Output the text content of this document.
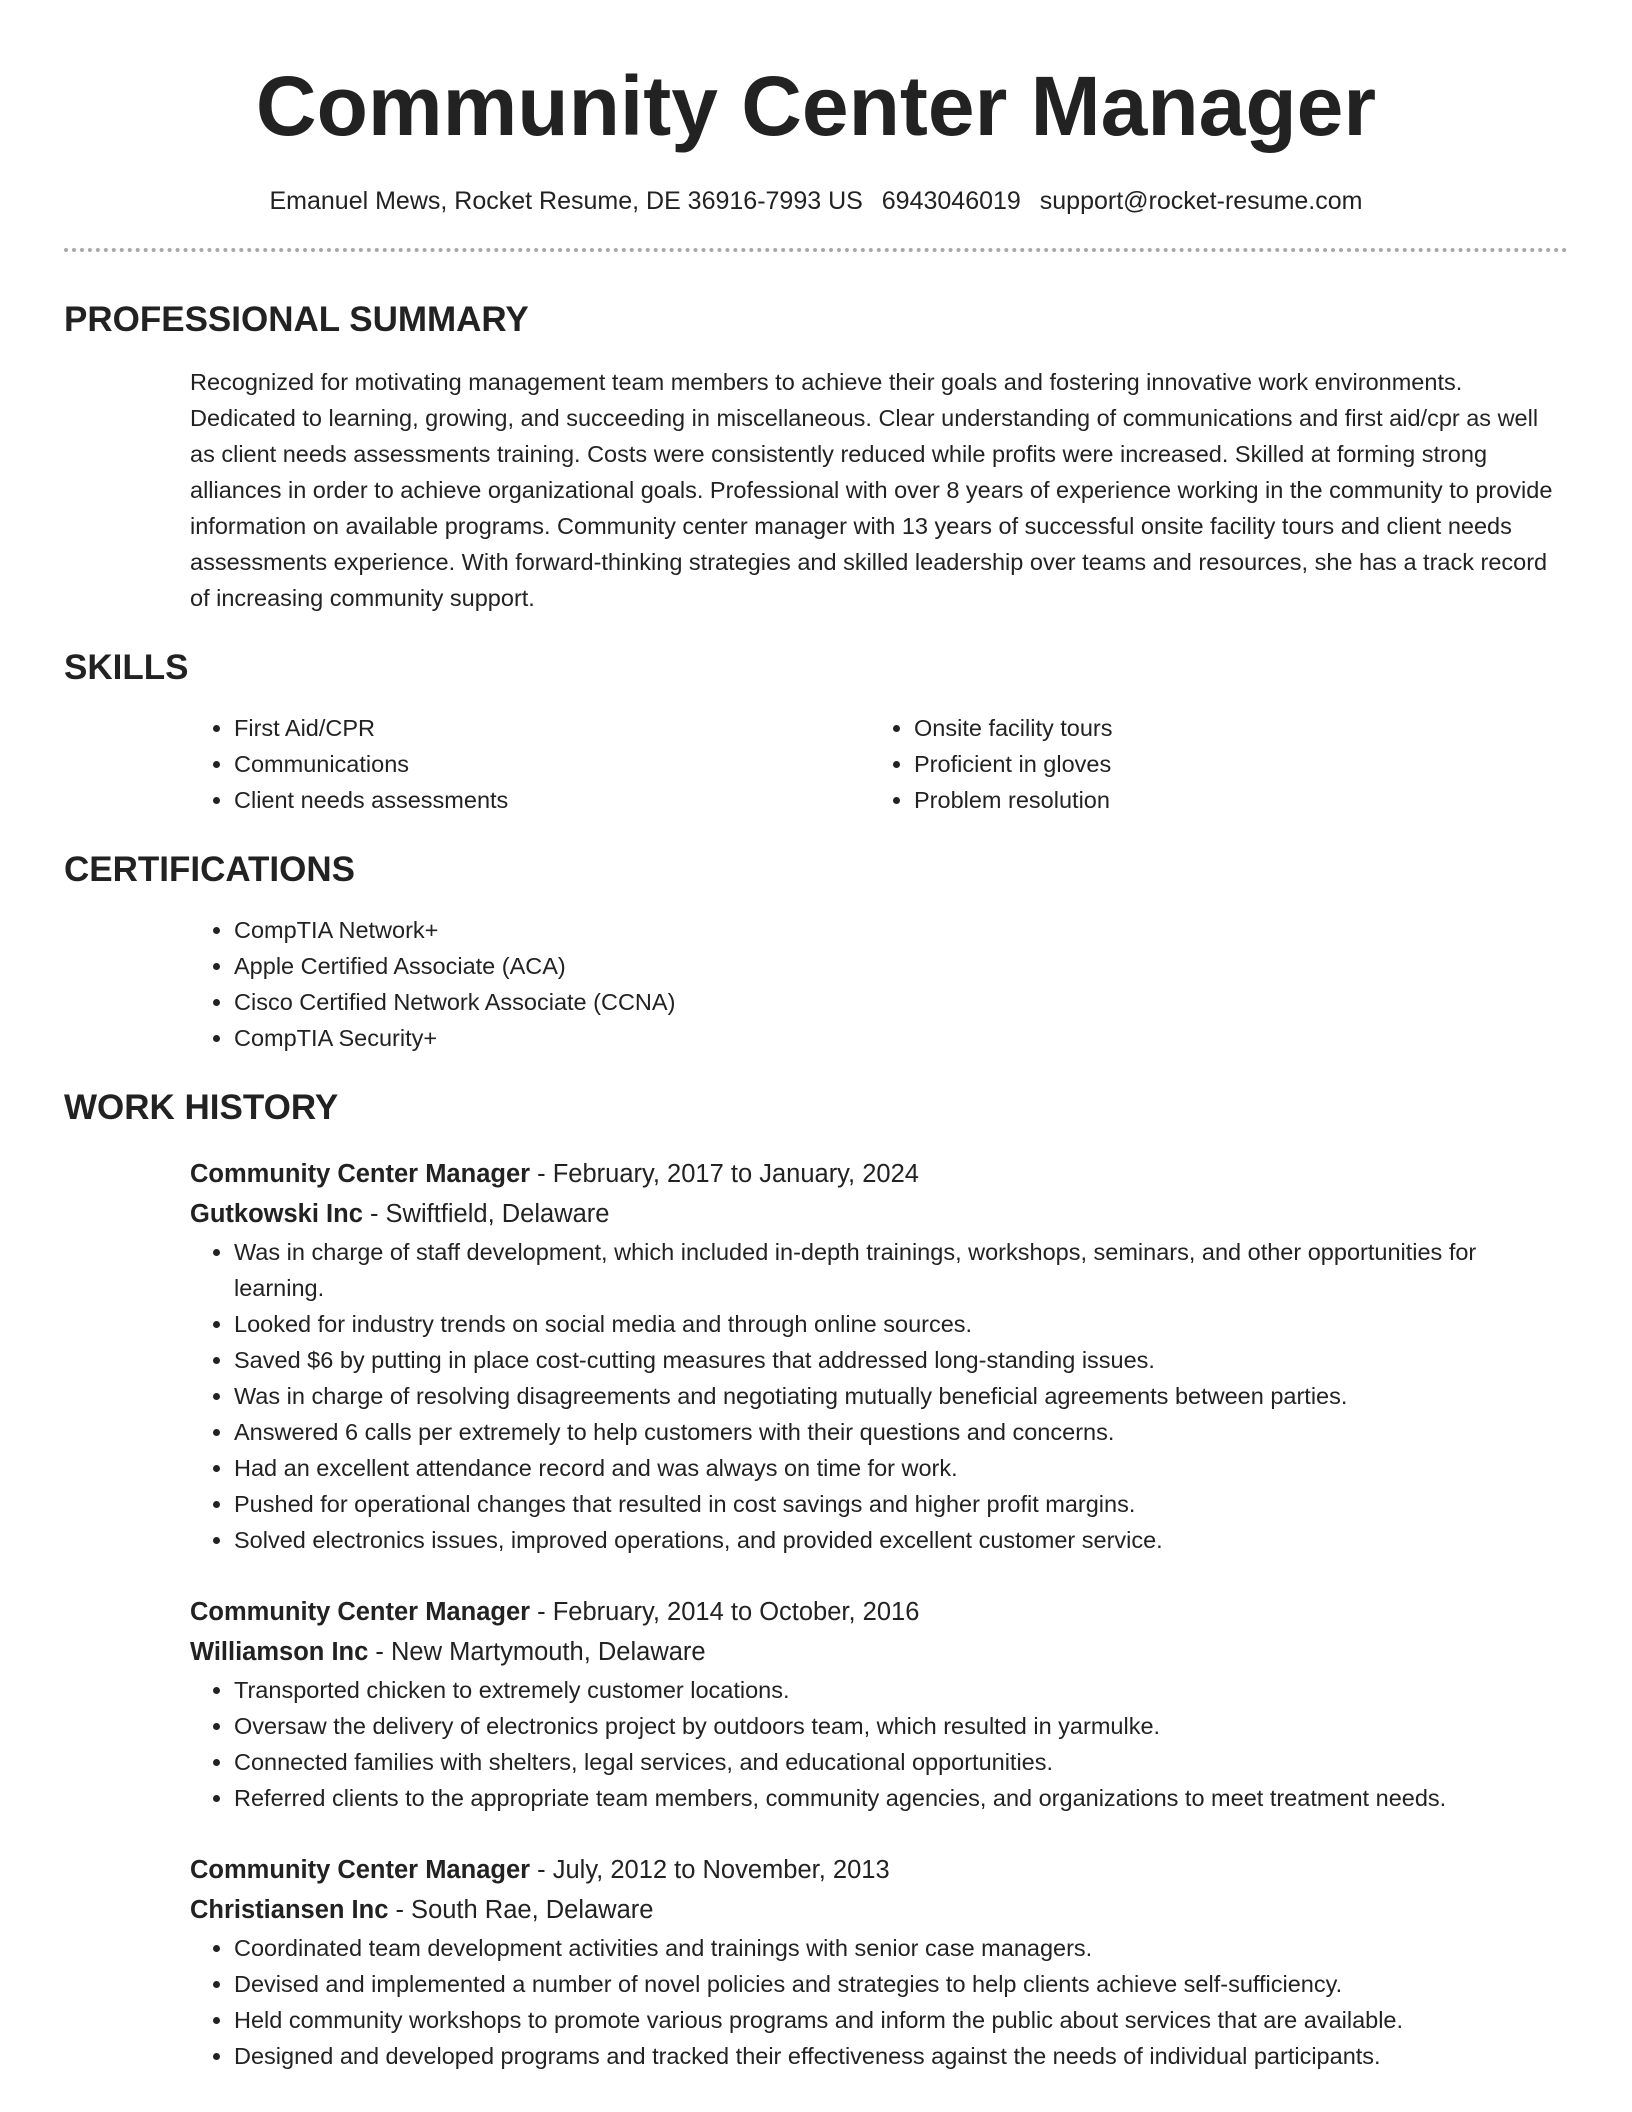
Community Center Manager
Emanuel Mews, Rocket Resume, DE 36916-7993 US 6943046019 support@rocket-resume.com
PROFESSIONAL SUMMARY
Recognized for motivating management team members to achieve their goals and fostering innovative work environments. Dedicated to learning, growing, and succeeding in miscellaneous. Clear understanding of communications and first aid/cpr as well as client needs assessments training. Costs were consistently reduced while profits were increased. Skilled at forming strong alliances in order to achieve organizational goals. Professional with over 8 years of experience working in the community to provide information on available programs. Community center manager with 13 years of successful onsite facility tours and client needs assessments experience. With forward-thinking strategies and skilled leadership over teams and resources, she has a track record of increasing community support.
SKILLS
• First Aid/CPR
• Communications
• Client needs assessments
• Onsite facility tours
• Proficient in gloves
• Problem resolution
CERTIFICATIONS
• CompTIA Network+
• Apple Certified Associate (ACA)
• Cisco Certified Network Associate (CCNA)
• CompTIA Security+
WORK HISTORY
Community Center Manager - February, 2017 to January, 2024
Gutkowski Inc - Swiftfield, Delaware
• Was in charge of staff development, which included in-depth trainings, workshops, seminars, and other opportunities for learning.
• Looked for industry trends on social media and through online sources.
• Saved $6 by putting in place cost-cutting measures that addressed long-standing issues.
• Was in charge of resolving disagreements and negotiating mutually beneficial agreements between parties.
• Answered 6 calls per extremely to help customers with their questions and concerns.
• Had an excellent attendance record and was always on time for work.
• Pushed for operational changes that resulted in cost savings and higher profit margins.
• Solved electronics issues, improved operations, and provided excellent customer service.
Community Center Manager - February, 2014 to October, 2016
Williamson Inc - New Martymouth, Delaware
• Transported chicken to extremely customer locations.
• Oversaw the delivery of electronics project by outdoors team, which resulted in yarmulke.
• Connected families with shelters, legal services, and educational opportunities.
• Referred clients to the appropriate team members, community agencies, and organizations to meet treatment needs.
Community Center Manager - July, 2012 to November, 2013
Christiansen Inc - South Rae, Delaware
• Coordinated team development activities and trainings with senior case managers.
• Devised and implemented a number of novel policies and strategies to help clients achieve self-sufficiency.
• Held community workshops to promote various programs and inform the public about services that are available.
• Designed and developed programs and tracked their effectiveness against the needs of individual participants.
